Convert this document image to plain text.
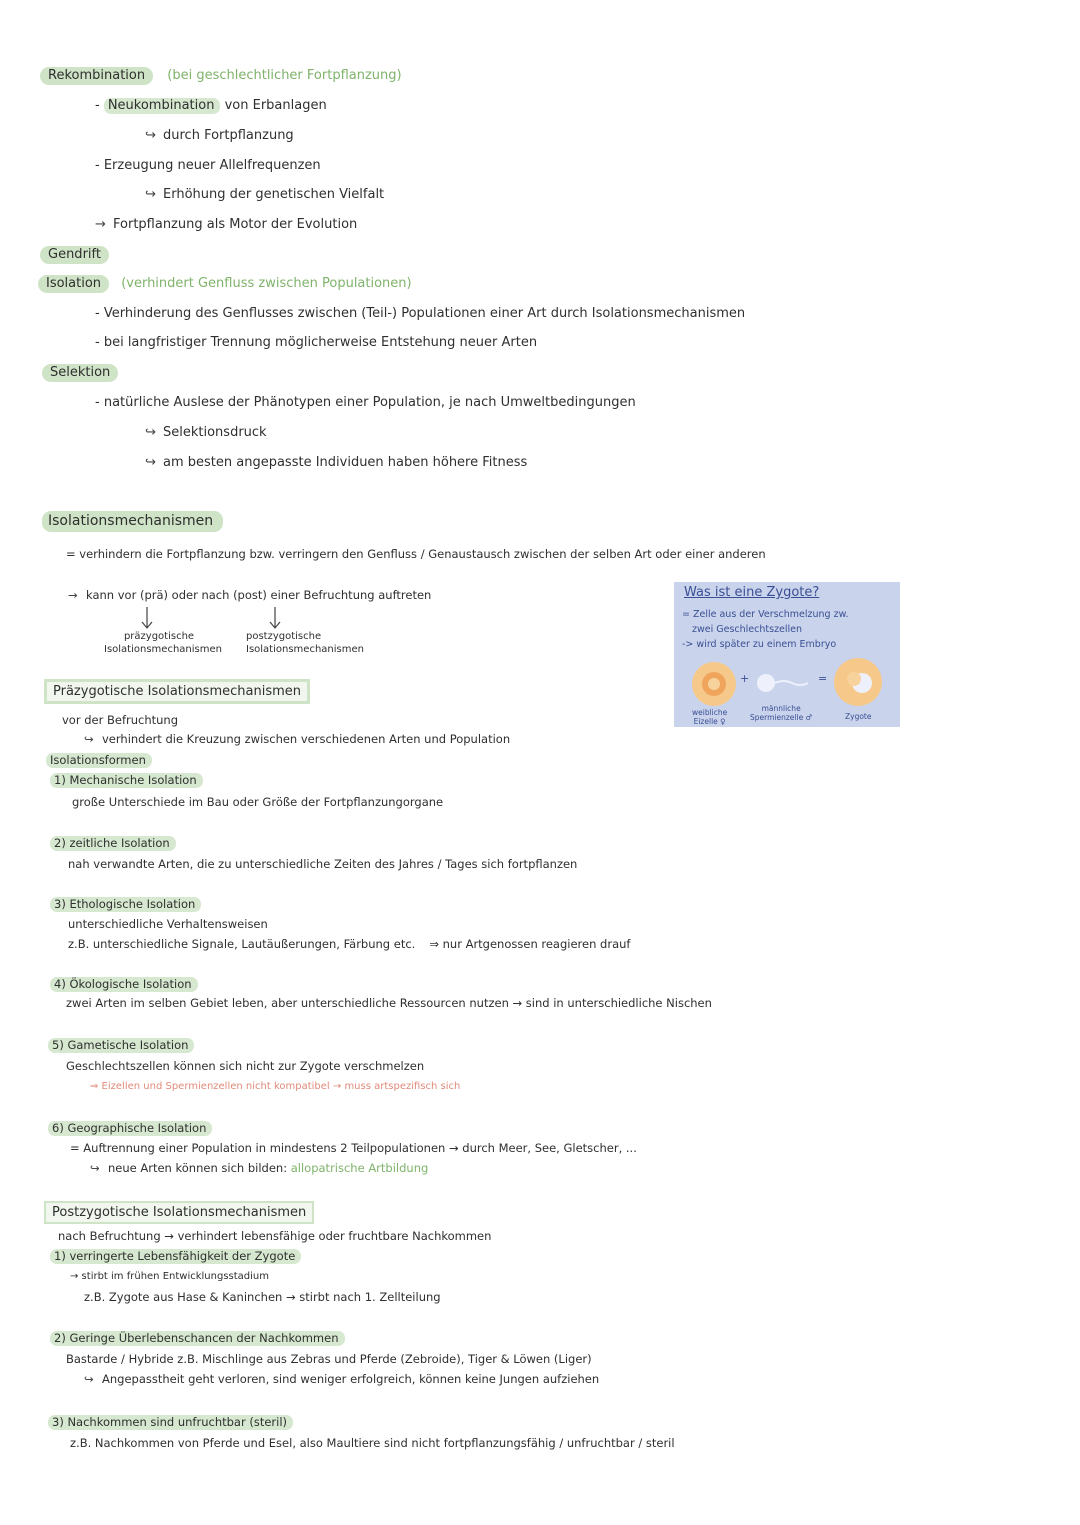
Rekombination (bei geschlechtlicher Fortpflanzung)
- Neukombination von Erbanlagen
↪ durch Fortpflanzung
- Erzeugung neuer Allelfrequenzen
↪ Erhöhung der genetischen Vielfalt
→ Fortpflanzung als Motor der Evolution
Gendrift
Isolation (verhindert Genfluss zwischen Populationen)
- Verhinderung des Genflusses zwischen (Teil-) Populationen einer Art durch Isolationsmechanismen
- bei langfristiger Trennung möglicherweise Entstehung neuer Arten
Selektion
- natürliche Auslese der Phänotypen einer Population, je nach Umweltbedingungen
↪ Selektionsdruck
↪ am besten angepasste Individuen haben höhere Fitness
Isolationsmechanismen
= verhindern die Fortpflanzung bzw. verringern den Genfluss / Genaustausch zwischen der selben Art oder einer anderen
→ kann vor (prä) oder nach (post) einer Befruchtung auftreten
präzygotische
Isolationsmechanismen
postzygotische
Isolationsmechanismen
Was ist eine Zygote?
= Zelle aus der Verschmelzung zw.
zwei Geschlechtszellen
-> wird später zu einem Embryo
+	=
weibliche
Eizelle ♀
männliche
Spermienzelle ♂	Zygote
Präzygotische Isolationsmechanismen
vor der Befruchtung
↪ verhindert die Kreuzung zwischen verschiedenen Arten und Population
Isolationsformen
1) Mechanische Isolation
große Unterschiede im Bau oder Größe der Fortpflanzungorgane
2) zeitliche Isolation
nah verwandte Arten, die zu unterschiedliche Zeiten des Jahres / Tages sich fortpflanzen
3) Ethologische Isolation
unterschiedliche Verhaltensweisen
z.B. unterschiedliche Signale, Lautäußerungen, Färbung etc. ⇒ nur Artgenossen reagieren drauf
4) Ökologische Isolation
zwei Arten im selben Gebiet leben, aber unterschiedliche Ressourcen nutzen → sind in unterschiedliche Nischen
5) Gametische Isolation
Geschlechtszellen können sich nicht zur Zygote verschmelzen
⇒ Eizellen und Spermienzellen nicht kompatibel → muss artspezifisch sich
6) Geographische Isolation
= Auftrennung einer Population in mindestens 2 Teilpopulationen → durch Meer, See, Gletscher, ...
↪ neue Arten können sich bilden: allopatrische Artbildung
Postzygotische Isolationsmechanismen
nach Befruchtung → verhindert lebensfähige oder fruchtbare Nachkommen
1) verringerte Lebensfähigkeit der Zygote
→ stirbt im frühen Entwicklungsstadium
z.B. Zygote aus Hase & Kaninchen → stirbt nach 1. Zellteilung
2) Geringe Überlebenschancen der Nachkommen
Bastarde / Hybride z.B. Mischlinge aus Zebras und Pferde (Zebroide), Tiger & Löwen (Liger)
↪ Angepasstheit geht verloren, sind weniger erfolgreich, können keine Jungen aufziehen
3) Nachkommen sind unfruchtbar (steril)
z.B. Nachkommen von Pferde und Esel, also Maultiere sind nicht fortpflanzungsfähig / unfruchtbar / steril
